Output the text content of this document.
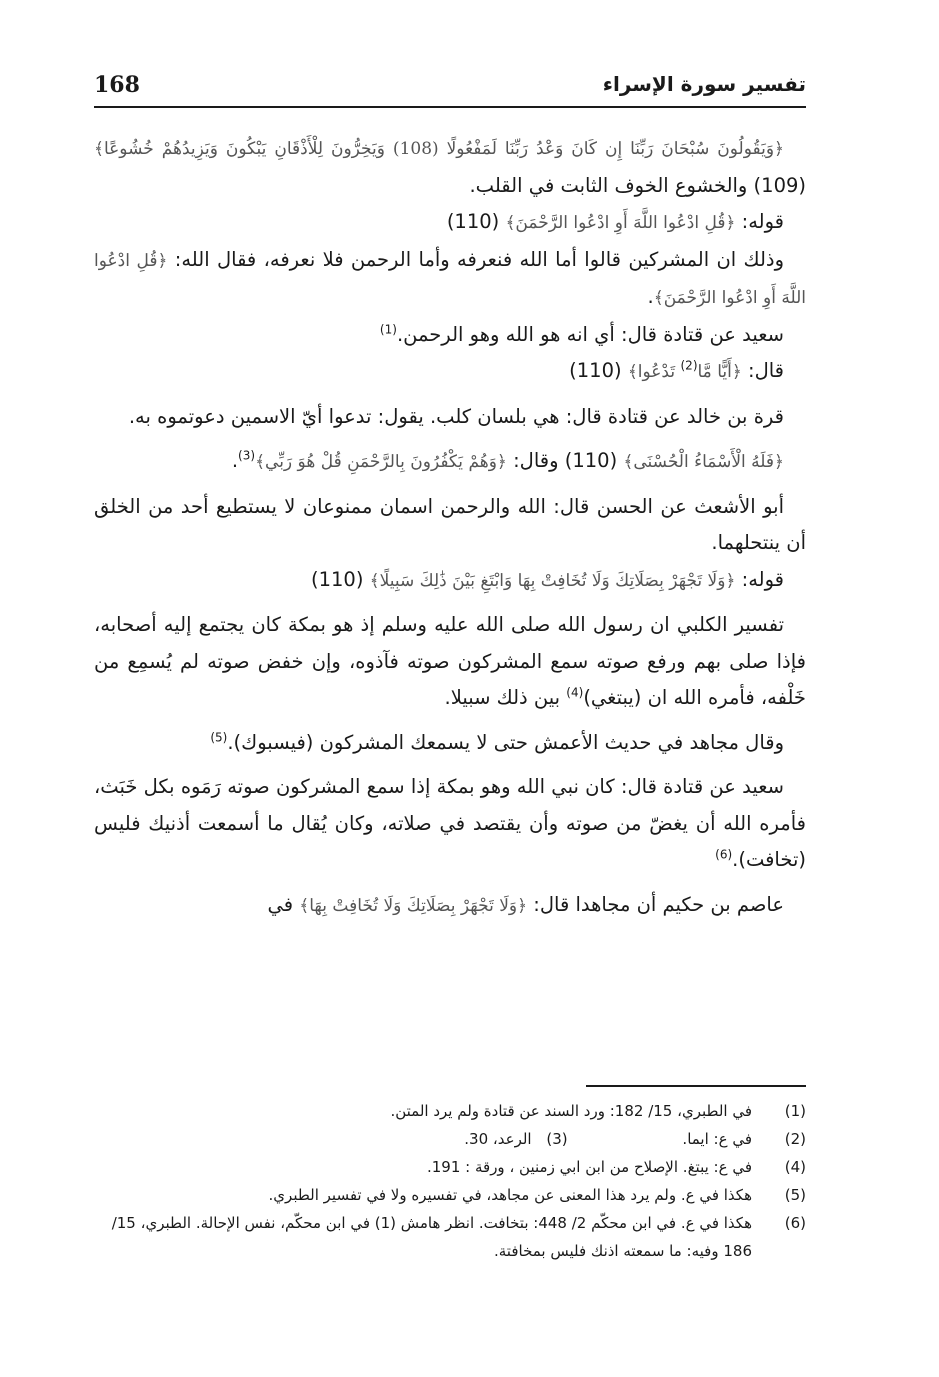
168	تفسير سورة الإسراء

﴿وَيَقُولُونَ سُبْحَانَ رَبِّنَا إِن كَانَ وَعْدُ رَبِّنَا لَمَفْعُولًا (108) وَيَخِرُّونَ لِلْأَذْقَانِ يَبْكُونَ وَيَزِيدُهُمْ خُشُوعًا﴾ (109) والخشوع الخوف الثابت في القلب.

قوله: ﴿قُلِ ادْعُوا اللَّهَ أَوِ ادْعُوا الرَّحْمَنَ﴾ (110)

وذلك ان المشركين قالوا أما الله فنعرفه وأما الرحمن فلا نعرفه، فقال الله: ﴿قُلِ ادْعُوا اللَّهَ أَوِ ادْعُوا الرَّحْمَنَ﴾.

سعيد عن قتادة قال: أي انه هو الله وهو الرحمن.$^{(1)}$

قال: ﴿أَيًّا مَّا$^{(2)}$ تَدْعُوا﴾ (110)

قرة بن خالد عن قتادة قال: هي بلسان كلب. يقول: تدعوا أيّ الاسمين دعوتموه به.

﴿فَلَهُ الْأَسْمَاءُ الْحُسْنَى﴾ (110) وقال: ﴿وَهُمْ يَكْفُرُونَ بِالرَّحْمَنِ قُلْ هُوَ رَبِّي﴾$^{(3)}$.

أبو الأشعث عن الحسن قال: الله والرحمن اسمان ممنوعان لا يستطيع أحد من الخلق أن ينتحلهما.

قوله: ﴿وَلَا تَجْهَرْ بِصَلَاتِكَ وَلَا تُخَافِتْ بِهَا وَابْتَغِ بَيْنَ ذَٰلِكَ سَبِيلًا﴾ (110)

تفسير الكلبي ان رسول الله صلى الله عليه وسلم إذ هو بمكة كان يجتمع إليه أصحابه، فإذا صلى بهم ورفع صوته سمع المشركون صوته فآذوه، وإن خفض صوته لم يُسمِع من خَلْفه، فأمره الله ان (يبتغي)$^{(4)}$ بين ذلك سبيلا.

وقال مجاهد في حديث الأعمش حتى لا يسمعك المشركون (فيسبوك).$^{(5)}$

سعيد عن قتادة قال: كان نبي الله وهو بمكة إذا سمع المشركون صوته رَمَوه بكل خَبَث، فأمره الله أن يغضّ من صوته وأن يقتصد في صلاته، وكان يُقال ما أسمعت أذنيك فليس (تخافت).$^{(6)}$

عاصم بن حكيم أن مجاهدا قال: ﴿وَلَا تَجْهَرْ بِصَلَاتِكَ وَلَا تُخَافِتْ بِهَا﴾ في

(1)
في الطبري، 15/ 182: ورد السند عن قتادة ولم يرد المتن.
(2)
في ع: ايما. (3) الرعد، 30.
(4)
في ع: يبتغ. الإصلاح من ابن ابي زمنين ، ورقة : 191.
(5)
هكذا في ع. ولم يرد هذا المعنى عن مجاهد، في تفسيره ولا في تفسير الطبري.
(6)
هكذا في ع. في ابن محكّم 2/ 448: بتخافت. انظر هامش (1) في ابن محكّم، نفس الإحالة. الطبري، 15/ 186 وفيه: ما سمعته اذنك فليس بمخافتة.
